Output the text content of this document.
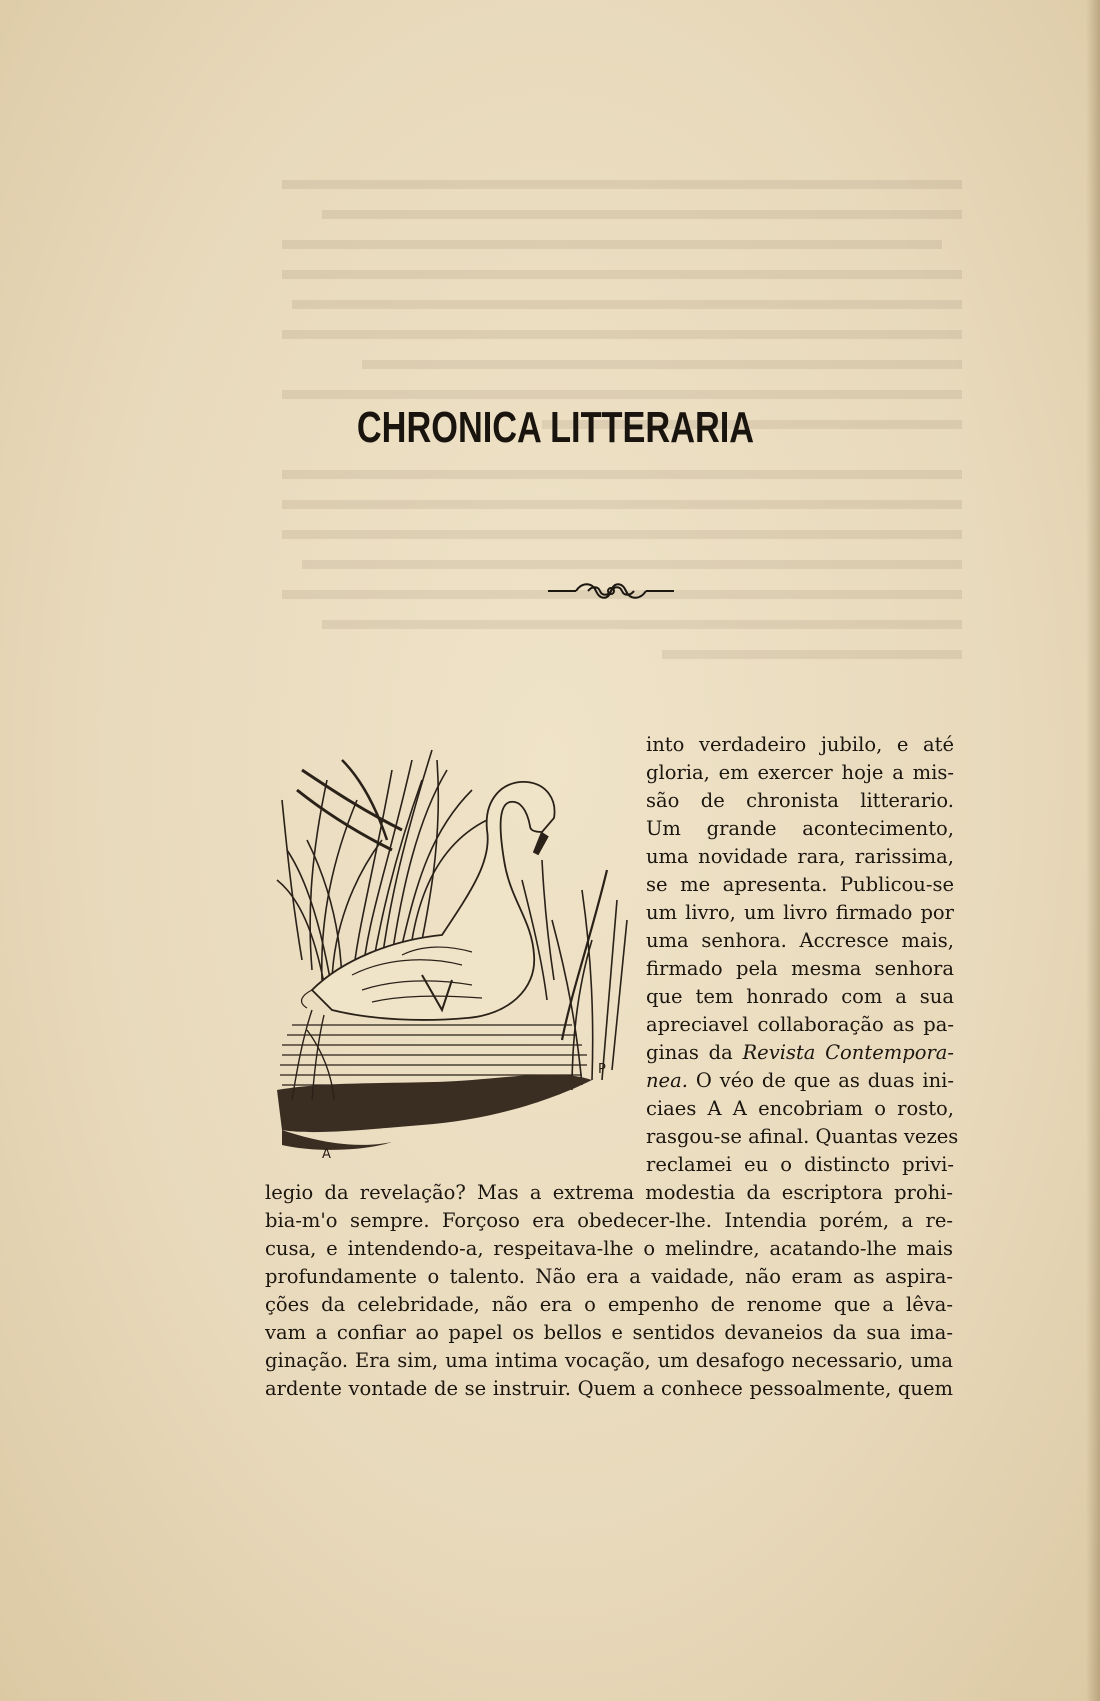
CHRONICA LITTERARIA
A
P
into verdadeiro jubilo, e até
gloria, em exercer hoje a mis-
são de chronista litterario.
Um grande acontecimento,
uma novidade rara, rarissima,
se me apresenta. Publicou-se
um livro, um livro firmado por
uma senhora. Accresce mais,
firmado pela mesma senhora
que tem honrado com a sua
apreciavel collaboração as pa-
ginas da Revista Contempora-
nea. O véo de que as duas ini-
ciaes A A encobriam o rosto,
rasgou-se afinal. Quantas vezes
reclamei eu o distincto privi-
legio da revelação? Mas a extrema modestia da escriptora prohi-
bia-m'o sempre. Forçoso era obedecer-lhe. Intendia porém, a re-
cusa, e intendendo-a, respeitava-lhe o melindre, acatando-lhe mais
profundamente o talento. Não era a vaidade, não eram as aspira-
ções da celebridade, não era o empenho de renome que a lêva-
vam a confiar ao papel os bellos e sentidos devaneios da sua ima-
ginação. Era sim, uma intima vocação, um desafogo necessario, uma
ardente vontade de se instruir. Quem a conhece pessoalmente, quem
